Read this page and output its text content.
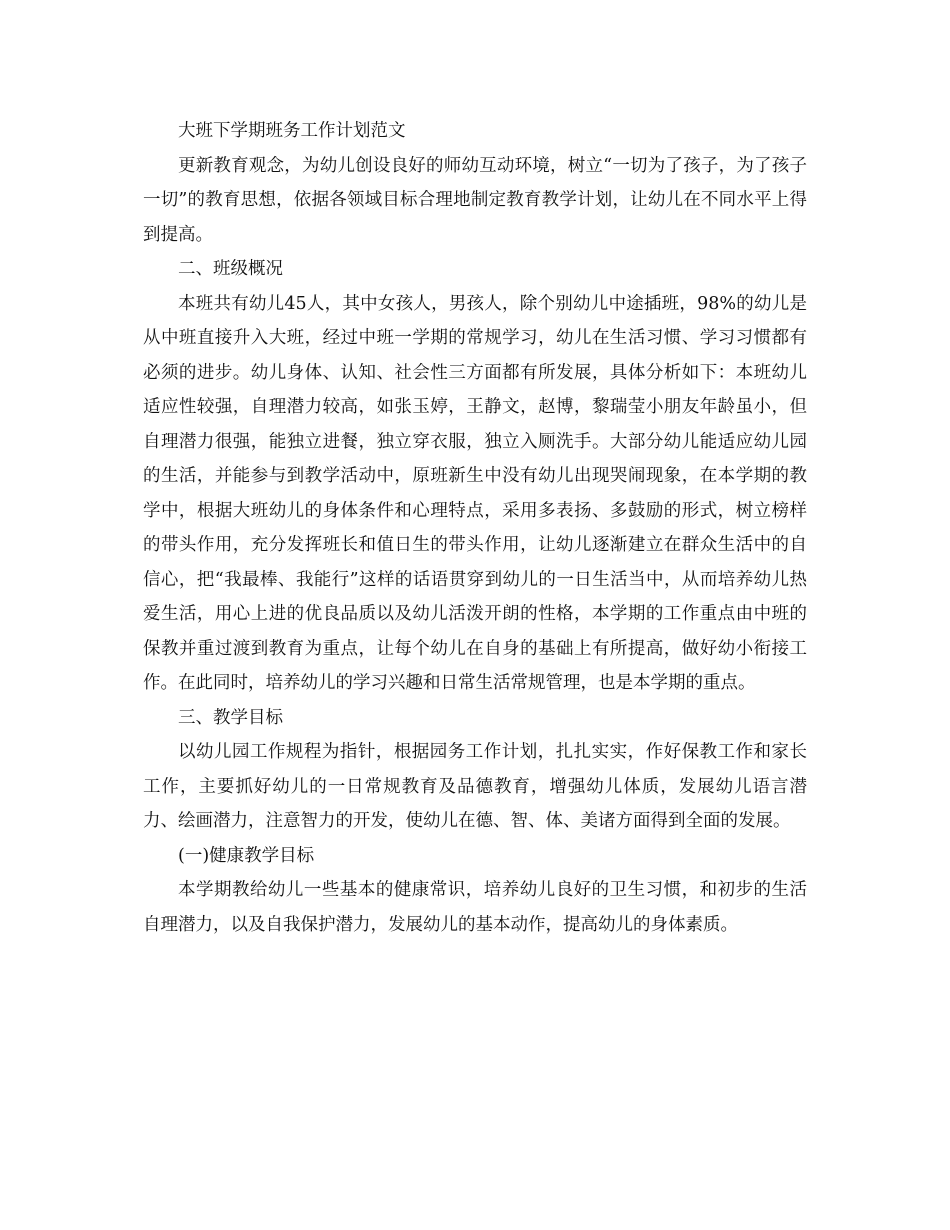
大班下学期班务工作计划范文

更新教育观念，为幼儿创设良好的师幼互动环境，树立“一切为了孩子，为了孩子一切”的教育思想，依据各领域目标合理地制定教育教学计划，让幼儿在不同水平上得到提高。

二、班级概况

本班共有幼儿45人，其中女孩人，男孩人，除个别幼儿中途插班，98%的幼儿是从中班直接升入大班，经过中班一学期的常规学习，幼儿在生活习惯、学习习惯都有必须的进步。幼儿身体、认知、社会性三方面都有所发展，具体分析如下：本班幼儿适应性较强，自理潜力较高，如张玉婷，王静文，赵博，黎瑞莹小朋友年龄虽小，但自理潜力很强，能独立进餐，独立穿衣服，独立入厕洗手。大部分幼儿能适应幼儿园的生活，并能参与到教学活动中，原班新生中没有幼儿出现哭闹现象，在本学期的教学中，根据大班幼儿的身体条件和心理特点，采用多表扬、多鼓励的形式，树立榜样的带头作用，充分发挥班长和值日生的带头作用，让幼儿逐渐建立在群众生活中的自信心，把“我最棒、我能行”这样的话语贯穿到幼儿的一日生活当中，从而培养幼儿热爱生活，用心上进的优良品质以及幼儿活泼开朗的性格，本学期的工作重点由中班的保教并重过渡到教育为重点，让每个幼儿在自身的基础上有所提高，做好幼小衔接工作。在此同时，培养幼儿的学习兴趣和日常生活常规管理，也是本学期的重点。

三、教学目标

以幼儿园工作规程为指针，根据园务工作计划，扎扎实实，作好保教工作和家长工作，主要抓好幼儿的一日常规教育及品德教育，增强幼儿体质，发展幼儿语言潜力、绘画潜力，注意智力的开发，使幼儿在德、智、体、美诸方面得到全面的发展。

(一)健康教学目标

本学期教给幼儿一些基本的健康常识，培养幼儿良好的卫生习惯，和初步的生活自理潜力，以及自我保护潜力，发展幼儿的基本动作，提高幼儿的身体素质。
